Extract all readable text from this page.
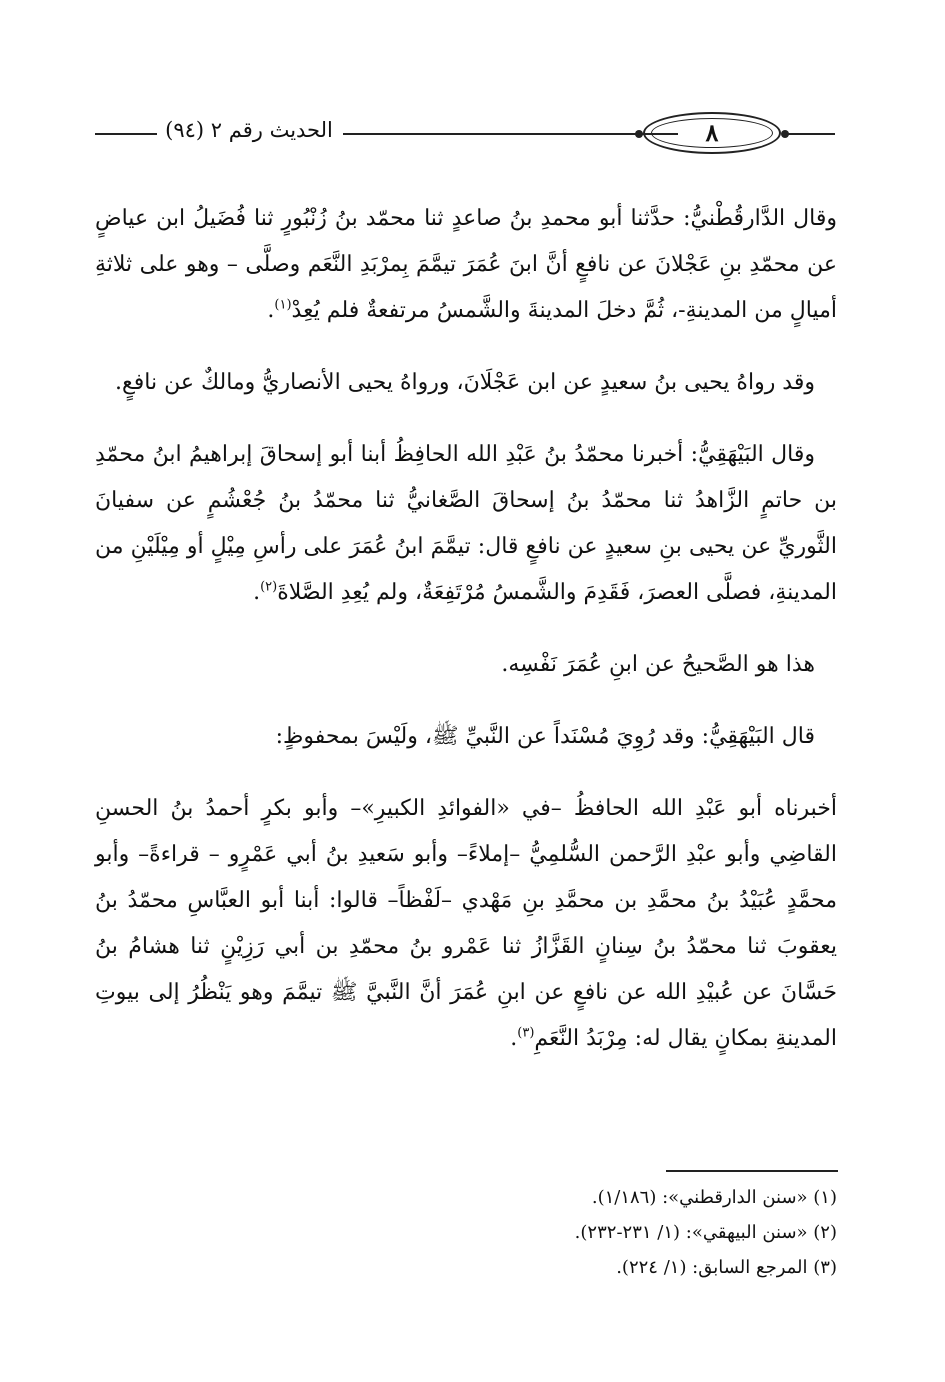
الحديث رقم ٢ (٩٤)	٨

وقال الدَّارقُطْنيُّ: حدَّثنا أبو محمدِ بنُ صاعدٍ ثنا محمّد بنُ زُنْبُورٍ ثنا فُضَيلُ ابن عياضٍ عن محمّدِ بنِ عَجْلانَ عن نافعٍ أنَّ ابنَ عُمَرَ تيمَّمَ بِمرْبَدِ النَّعَم وصلَّى – وهو على ثلاثةِ أميالٍ من المدينةِ-، ثُمَّ دخلَ المدينةَ والشَّمسُ مرتفعةٌ فلم يُعِدْ$^{(١)}$.

وقد رواهُ يحيى بنُ سعيدٍ عن ابن عَجْلَانَ، ورواهُ يحيى الأنصاريُّ ومالكٌ عن نافعٍ.

وقال البَيْهَقِيُّ: أخبرنا محمّدُ بنُ عَبْدِ الله الحافِظُ أبنا أبو إسحاقَ إبراهيمُ ابنُ محمّدِ بن حاتمٍ الزَّاهدُ ثنا محمّدُ بنُ إسحاقَ الصَّغانيُّ ثنا محمّدُ بنُ جُعْشُمٍ عن سفيانَ الثَّوريِّ عن يحيى بنِ سعيدٍ عن نافعٍ قال: تيمَّمَ ابنُ عُمَرَ على رأسِ مِيْلٍ أو مِيْلَيْنِ من المدينةِ، فصلَّى العصرَ، فَقَدِمَ والشَّمسُ مُرْتَفِعَةٌ، ولم يُعِدِ الصَّلاةَ$^{(٢)}$.

هذا هو الصَّحيحُ عن ابنِ عُمَرَ نَفْسِه.

قال البَيْهَقِيُّ: وقد رُوِيَ مُسْنَداً عن النَّبيِّ ﷺ، ولَيْسَ بمحفوظٍ:

أخبرناه أبو عَبْدِ الله الحافظُ –في «الفوائدِ الكبيرِ»– وأبو بكرٍ أحمدُ بنُ الحسنِ القاضِي وأبو عبْدِ الرَّحمن السُّلمِيُّ –إملاءً– وأبو سَعيدِ بنُ أبي عَمْرٍو – قراءةً– وأبو محمَّدٍ عُبَيْدُ بنُ محمَّدِ بن محمَّدِ بنِ مَهْدي –لَفْظاً– قالوا: أبنا أبو العبَّاسِ محمّدُ بنُ يعقوبَ ثنا محمّدُ بنُ سِنانٍ القَزَّازُ ثنا عَمْرو بنُ محمّدِ بن أبي رَزِيْنٍ ثنا هشامُ بنُ حَسَّانَ عن عُبيْدِ الله عن نافعٍ عن ابنِ عُمَرَ أنَّ النَّبيَّ ﷺ تيمَّمَ وهو يَنْظُرُ إلى بيوتِ المدينةِ بمكانٍ يقال له: مِرْبَدُ النَّعَمِ$^{(٣)}$.

(١) «سنن الدارقطني»: (١/١٨٦).

(٢) «سنن البيهقي»: (١/ ٢٣١-٢٣٢).

(٣) المرجع السابق: (١/ ٢٢٤).
